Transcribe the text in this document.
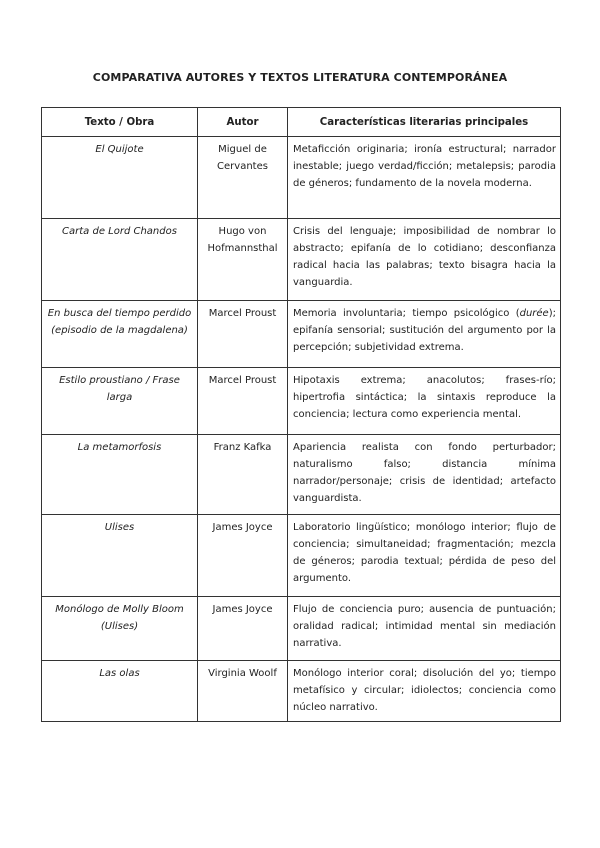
COMPARATIVA AUTORES Y TEXTOS LITERATURA CONTEMPORÁNEA
Texto / Obra	Autor	Características literarias principales
El Quijote	Miguel de Cervantes	Metaficción originaria; ironía estructural; narrador inestable; juego verdad/ficción; metalepsis; parodia de géneros; fundamento de la novela moderna.
Carta de Lord Chandos	Hugo von Hofmannsthal	Crisis del lenguaje; imposibilidad de nombrar lo abstracto; epifanía de lo cotidiano; desconfianza radical hacia las palabras; texto bisagra hacia la vanguardia.
En busca del tiempo perdido (episodio de la magdalena)	Marcel Proust	Memoria involuntaria; tiempo psicológico (durée); epifanía sensorial; sustitución del argumento por la percepción; subjetividad extrema.
Estilo proustiano / Frase larga	Marcel Proust	Hipotaxis extrema; anacolutos; frases-río; hipertrofia sintáctica; la sintaxis reproduce la conciencia; lectura como experiencia mental.
La metamorfosis	Franz Kafka	Apariencia realista con fondo perturbador; naturalismo falso; distancia mínima narrador/personaje; crisis de identidad; artefacto vanguardista.
Ulises	James Joyce	Laboratorio lingüístico; monólogo interior; flujo de conciencia; simultaneidad; fragmentación; mezcla de géneros; parodia textual; pérdida de peso del argumento.
Monólogo de Molly Bloom (Ulises)	James Joyce	Flujo de conciencia puro; ausencia de puntuación; oralidad radical; intimidad mental sin mediación narrativa.
Las olas	Virginia Woolf	Monólogo interior coral; disolución del yo; tiempo metafísico y circular; idiolectos; conciencia como núcleo narrativo.
